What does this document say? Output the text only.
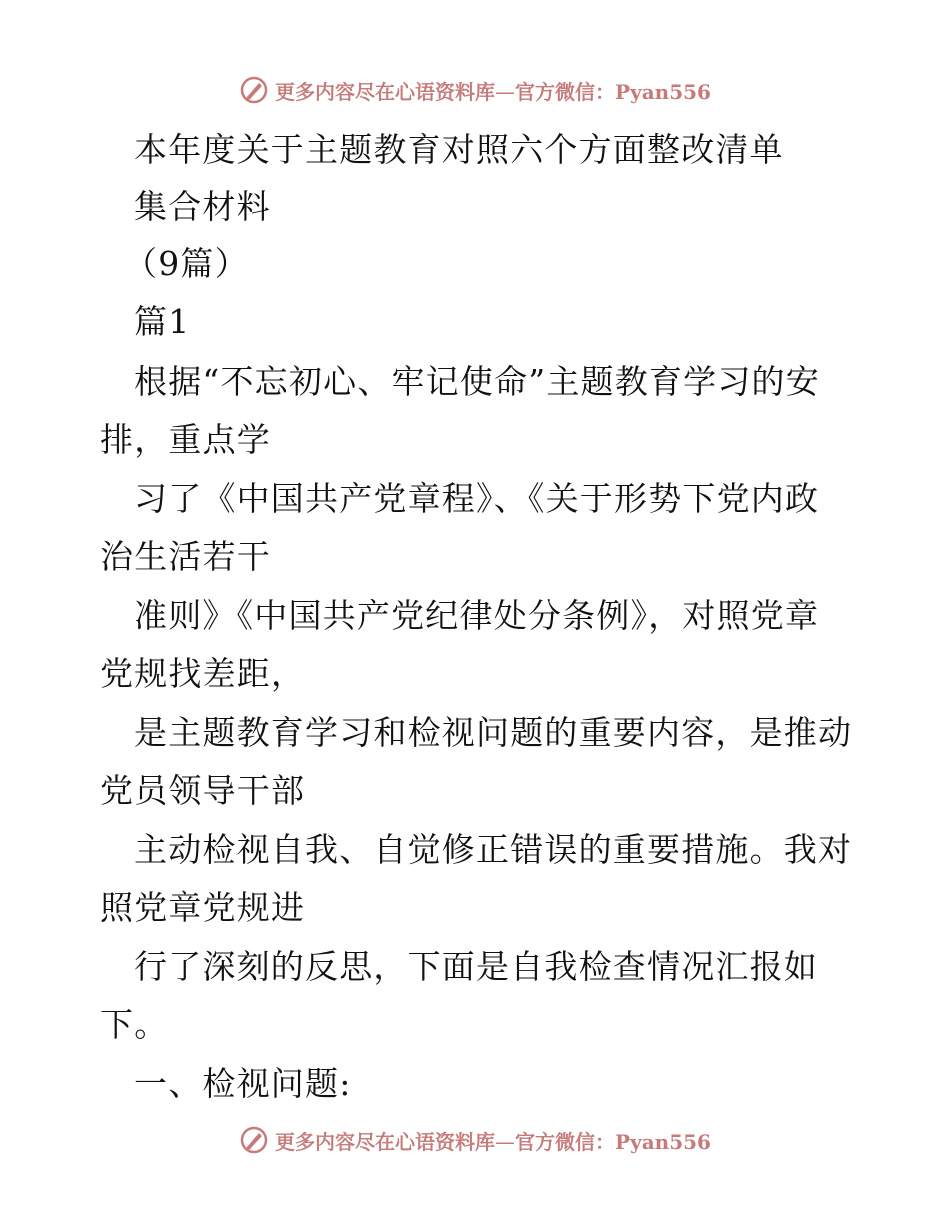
更多内容尽在心语资料库—官方微信：Pyan556
本年度关于主题教育对照六个方面整改清单
集合材料
（9篇）
篇1
根据“不忘初心、牢记使命”主题教育学习的安
排，重点学
习了《中国共产党章程》、《关于形势下党内政
治生活若干
准则》《中国共产党纪律处分条例》，对照党章
党规找差距，
是主题教育学习和检视问题的重要内容，是推动
党员领导干部
主动检视自我、自觉修正错误的重要措施。我对
照党章党规进
行了深刻的反思，下面是自我检查情况汇报如
下。
一、检视问题:
更多内容尽在心语资料库—官方微信：Pyan556
